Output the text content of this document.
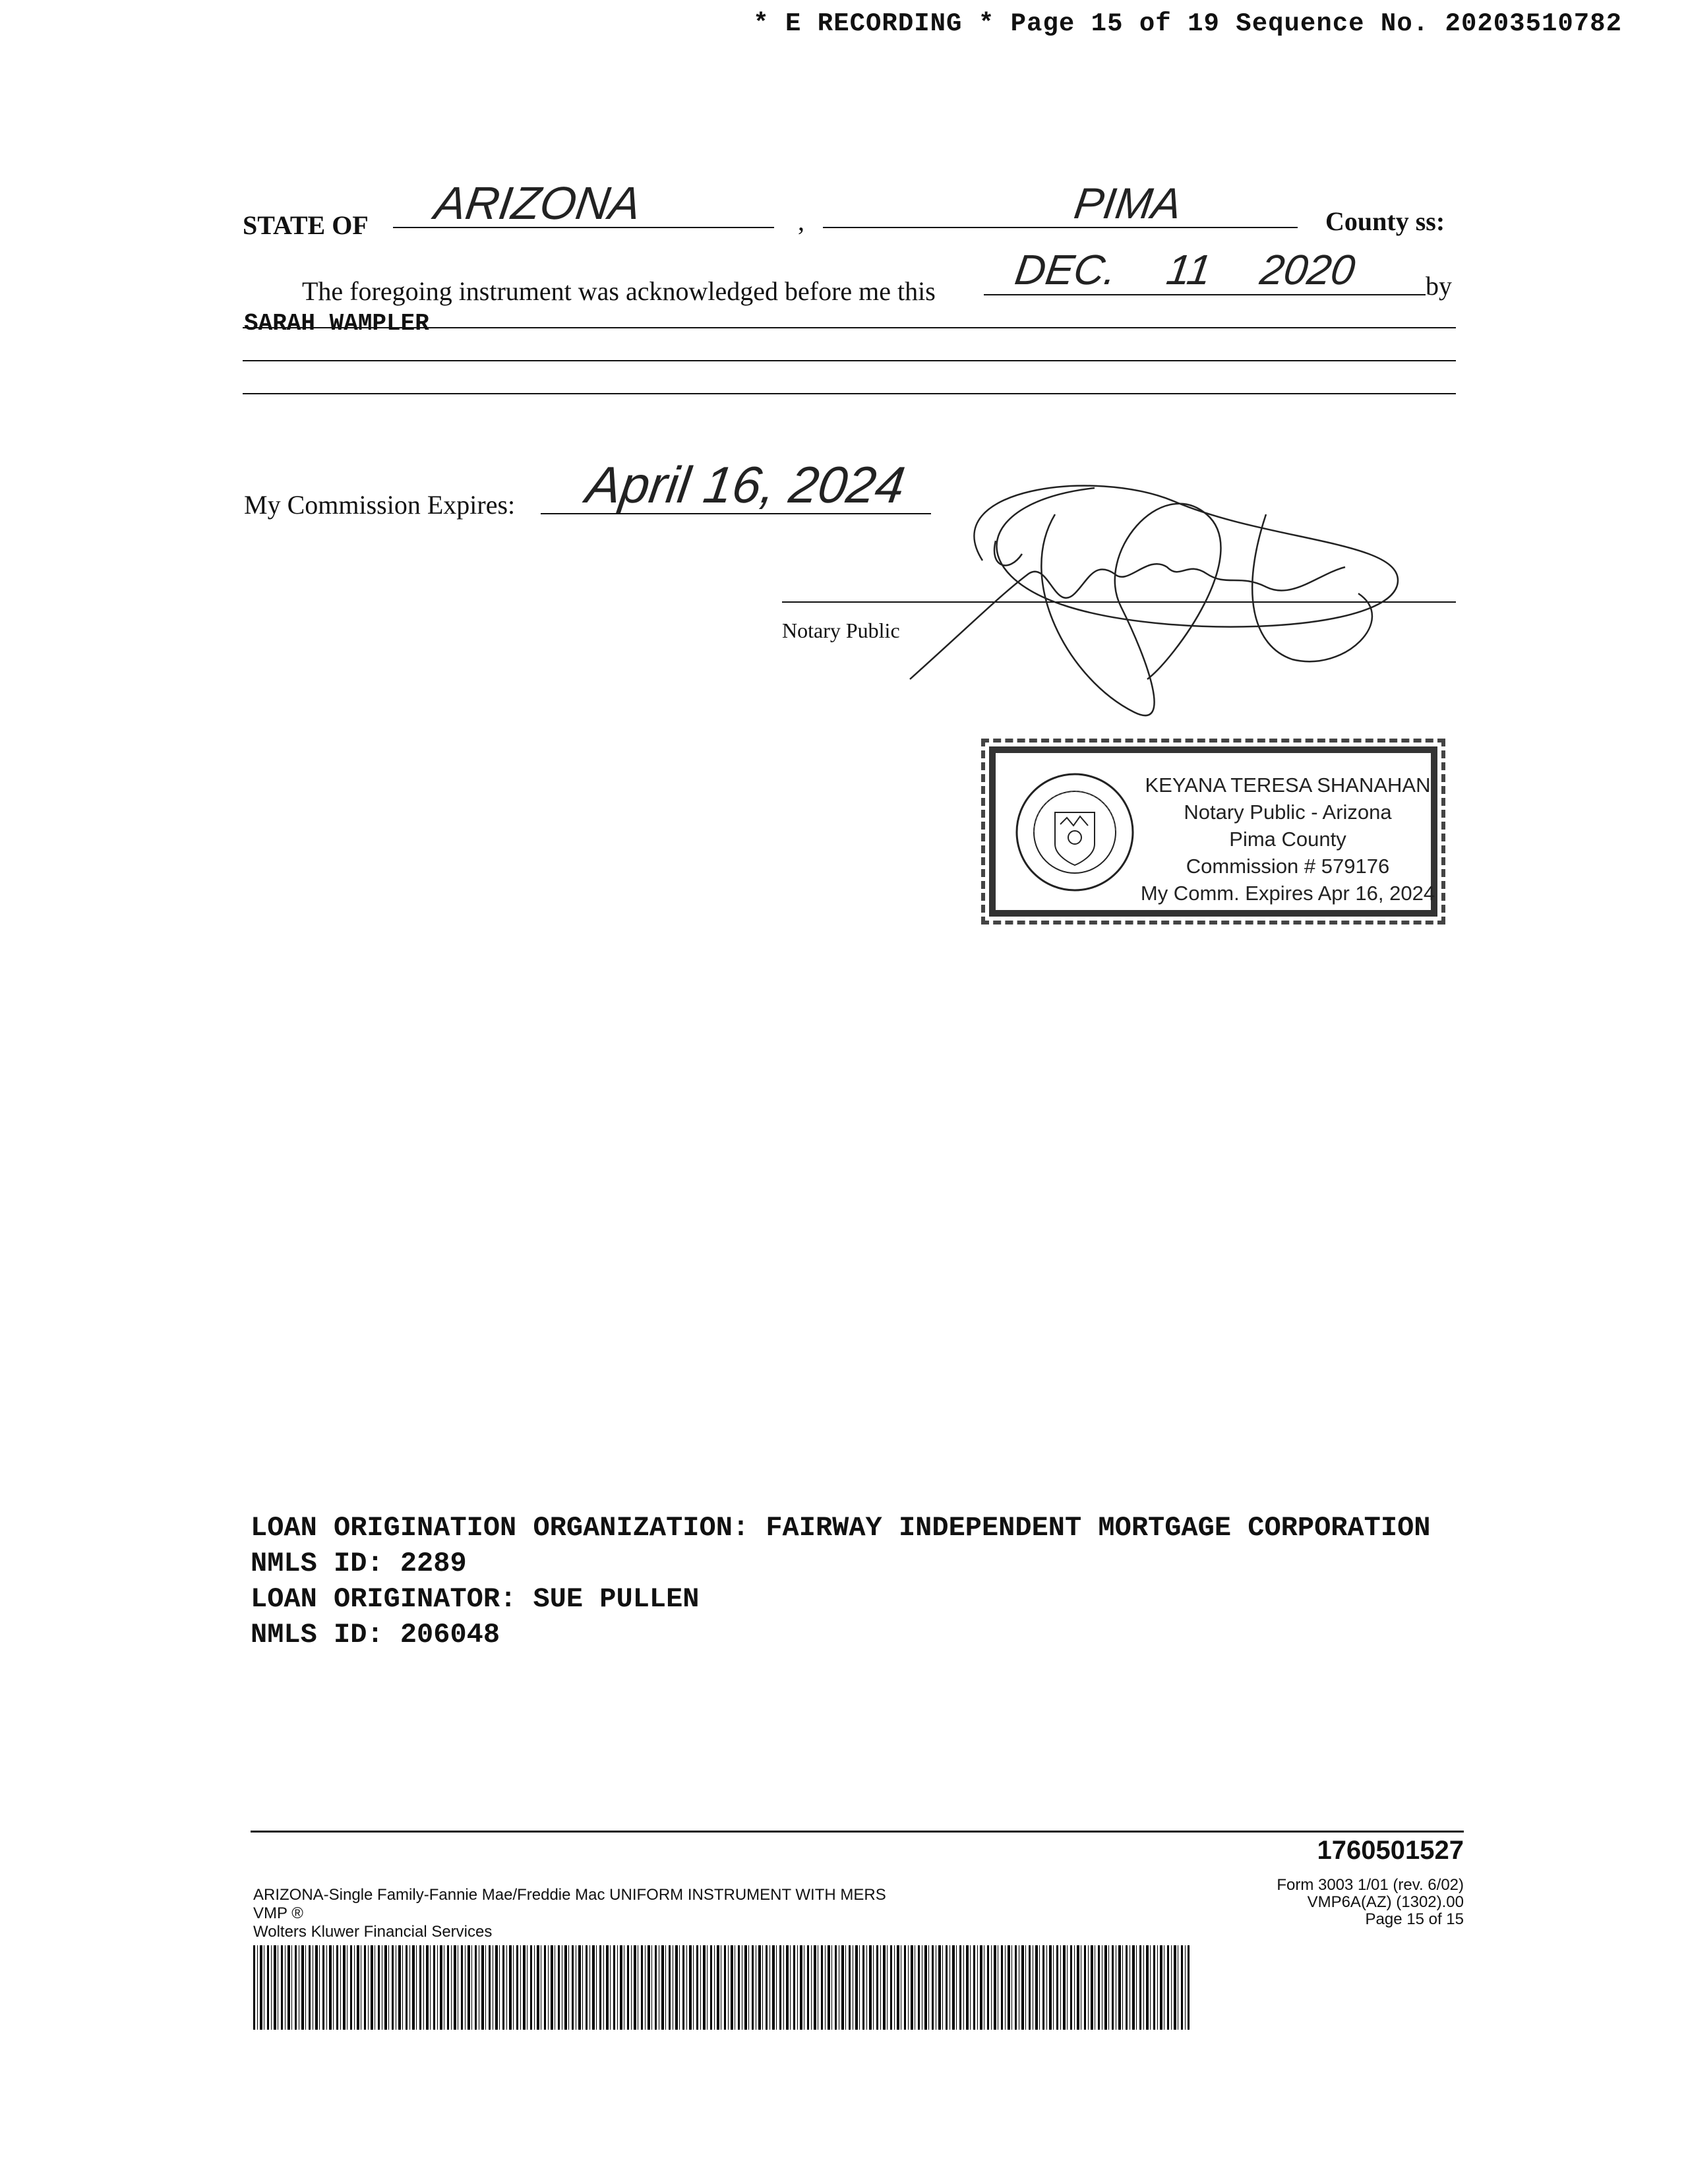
* E RECORDING * Page 15 of 19 Sequence No. 20203510782
STATE OF ARIZONA	,	PIMA	County ss:
The foregoing instrument was acknowledged before me this DEC. 11 2020	by
SARAH WAMPLER
My Commission Expires: April 16, 2024
Notary Public
KEYANA TERESA SHANAHAN
Notary Public - Arizona
Pima County
Commission # 579176
My Comm. Expires Apr 16, 2024
LOAN ORIGINATION ORGANIZATION: FAIRWAY INDEPENDENT MORTGAGE CORPORATION
NMLS ID: 2289
LOAN ORIGINATOR: SUE PULLEN
NMLS ID: 206048
1760501527
ARIZONA-Single Family-Fannie Mae/Freddie Mac UNIFORM INSTRUMENT WITH MERS
VMP ®
Wolters Kluwer Financial Services
Form 3003 1/01 (rev. 6/02)
VMP6A(AZ) (1302).00
Page 15 of 15
